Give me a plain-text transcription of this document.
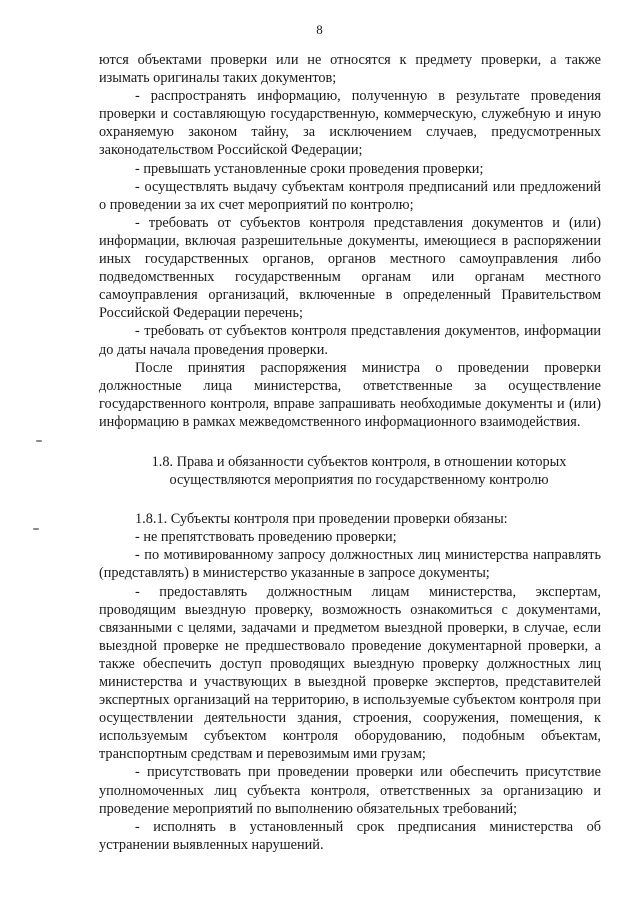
8

ются объектами проверки или не относятся к предмету проверки, а также изымать оригиналы таких документов;

- распространять информацию, полученную в результате проведения проверки и составляющую государственную, коммерческую, служебную и иную охраняемую законом тайну, за исключением случаев, предусмотренных законодательством Российской Федерации;

- превышать установленные сроки проведения проверки;

- осуществлять выдачу субъектам контроля предписаний или предложений о проведении за их счет мероприятий по контролю;

- требовать от субъектов контроля представления документов и (или) информации, включая разрешительные документы, имеющиеся в распоряжении иных государственных органов, органов местного самоуправления либо подведомственных государственным органам или органам местного самоуправления организаций, включенные в определенный Правительством Российской Федерации перечень;

- требовать от субъектов контроля представления документов, информации до даты начала проведения проверки.

После принятия распоряжения министра о проведении проверки должностные лица министерства, ответственные за осуществление государственного контроля, вправе запрашивать необходимые документы и (или) информацию в рамках межведомственного информационного взаимодействия.

1.8. Права и обязанности субъектов контроля, в отношении которых
осуществляются мероприятия по государственному контролю

1.8.1. Субъекты контроля при проведении проверки обязаны:

- не препятствовать проведению проверки;

- по мотивированному запросу должностных лиц министерства направлять (представлять) в министерство указанные в запросе документы;

- предоставлять должностным лицам министерства, экспертам, проводящим выездную проверку, возможность ознакомиться с документами, связанными с целями, задачами и предметом выездной проверки, в случае, если выездной проверке не предшествовало проведение документарной проверки, а также обеспечить доступ проводящих выездную проверку должностных лиц министерства и участвующих в выездной проверке экспертов, представителей экспертных организаций на территорию, в используемые субъектом контроля при осуществлении деятельности здания, строения, сооружения, помещения, к используемым субъектом контроля оборудованию, подобным объектам, транспортным средствам и перевозимым ими грузам;

- присутствовать при проведении проверки или обеспечить присутствие уполномоченных лиц субъекта контроля, ответственных за организацию и проведение мероприятий по выполнению обязательных требований;

- исполнять в установленный срок предписания министерства об устранении выявленных нарушений.
